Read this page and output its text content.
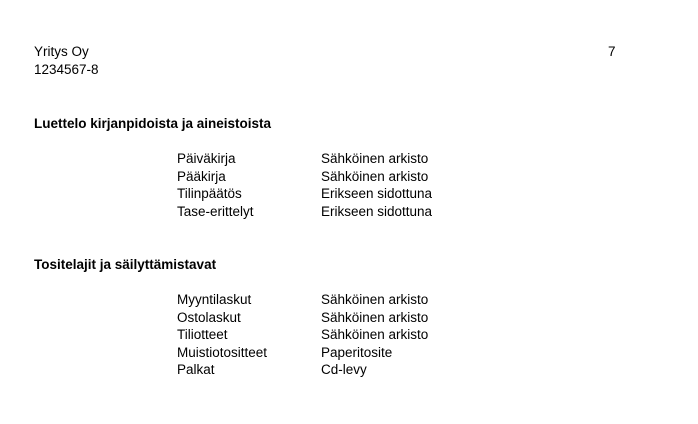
Yritys Oy
1234567-8
7
Luettelo kirjanpidoista ja aineistoista
Päiväkirja	Sähköinen arkisto
Pääkirja	Sähköinen arkisto
Tilinpäätös	Erikseen sidottuna
Tase-erittelyt	Erikseen sidottuna
Tositelajit ja säilyttämistavat
Myyntilaskut	Sähköinen arkisto
Ostolaskut	Sähköinen arkisto
Tiliotteet	Sähköinen arkisto
Muistiotositteet	Paperitosite
Palkat	Cd-levy
